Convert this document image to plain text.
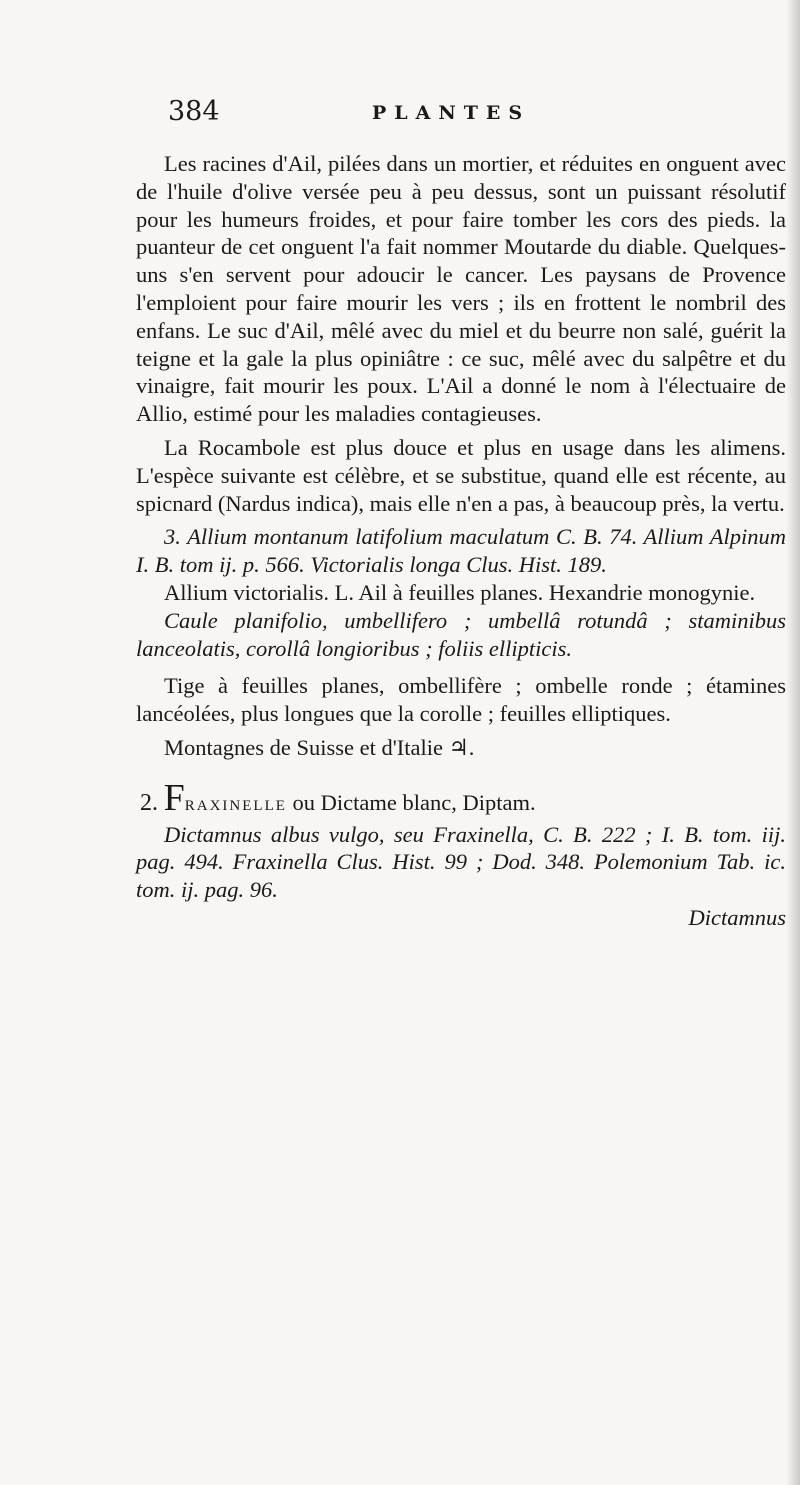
384	PLANTES

Les racines d'Ail, pilées dans un mortier, et réduites en onguent avec de l'huile d'olive versée peu à peu dessus, sont un puissant résolutif pour les humeurs froides, et pour faire tomber les cors des pieds. la puanteur de cet onguent l'a fait nommer Moutarde du diable. Quelques-uns s'en servent pour adoucir le cancer. Les paysans de Provence l'emploient pour faire mourir les vers ; ils en frottent le nombril des enfans. Le suc d'Ail, mêlé avec du miel et du beurre non salé, guérit la teigne et la gale la plus opiniâtre : ce suc, mêlé avec du salpêtre et du vinaigre, fait mourir les poux. L'Ail a donné le nom à l'électuaire de Allio, estimé pour les maladies contagieuses.

La Rocambole est plus douce et plus en usage dans les alimens. L'espèce suivante est célèbre, et se substitue, quand elle est récente, au spicnard (Nardus indica), mais elle n'en a pas, à beaucoup près, la vertu.

3. Allium montanum latifolium maculatum C. B. 74. Allium Alpinum I. B. tom ij. p. 566. Victorialis longa Clus. Hist. 189.

Allium victorialis. L. Ail à feuilles planes. Hexandrie monogynie.

Caule planifolio, umbellifero ; umbellâ rotundâ ; staminibus lanceolatis, corollâ longioribus ; foliis ellipticis.

Tige à feuilles planes, ombellifère ; ombelle ronde ; étamines lancéolées, plus longues que la corolle ; feuilles elliptiques.

Montagnes de Suisse et d'Italie ♃.

2. FRAXINELLE ou Dictame blanc, Diptam.

Dictamnus albus vulgo, seu Fraxinella, C. B. 222 ; I. B. tom. iij. pag. 494. Fraxinella Clus. Hist. 99 ; Dod. 348. Polemonium Tab. ic. tom. ij. pag. 96.

Dictamnus
